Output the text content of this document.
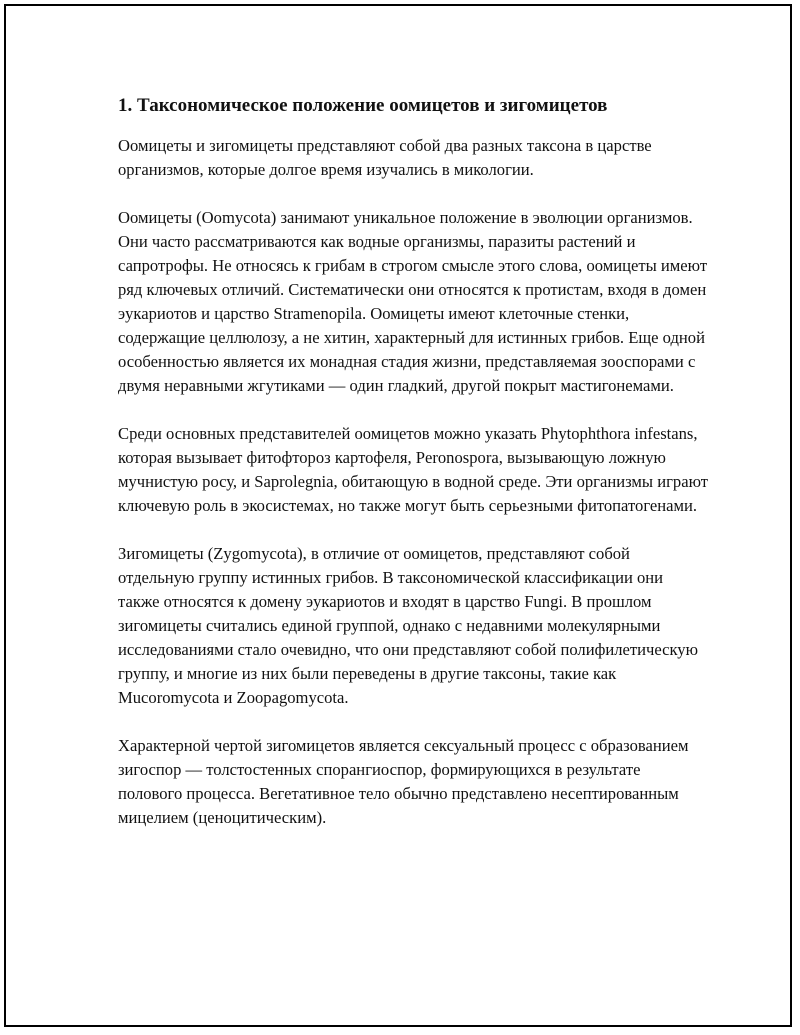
1. Таксономическое положение оомицетов и зигомицетов

Оомицеты и зигомицеты представляют собой два разных таксона в царстве организмов, которые долгое время изучались в микологии.

Оомицеты (Oomycota) занимают уникальное положение в эволюции организмов. Они часто рассматриваются как водные организмы, паразиты растений и сапротрофы. Не относясь к грибам в строгом смысле этого слова, оомицеты имеют ряд ключевых отличий. Систематически они относятся к протистам, входя в домен эукариотов и царство Stramenopila. Оомицеты имеют клеточные стенки, содержащие целлюлозу, а не хитин, характерный для истинных грибов. Еще одной особенностью является их монадная стадия жизни, представляемая зооспорами с двумя неравными жгутиками — один гладкий, другой покрыт мастигонемами.

Среди основных представителей оомицетов можно указать Phytophthora infestans, которая вызывает фитофтороз картофеля, Peronospora, вызывающую ложную мучнистую росу, и Saprolegnia, обитающую в водной среде. Эти организмы играют ключевую роль в экосистемах, но также могут быть серьезными фитопатогенами.

Зигомицеты (Zygomycota), в отличие от оомицетов, представляют собой отдельную группу истинных грибов. В таксономической классификации они также относятся к домену эукариотов и входят в царство Fungi. В прошлом зигомицеты считались единой группой, однако с недавними молекулярными исследованиями стало очевидно, что они представляют собой полифилетическую группу, и многие из них были переведены в другие таксоны, такие как Mucoromycota и Zoopagomycota.

Характерной чертой зигомицетов является сексуальный процесс с образованием зигоспор — толстостенных спорангиоспор, формирующихся в результате полового процесса. Вегетативное тело обычно представлено несептированным мицелием (ценоцитическим).
